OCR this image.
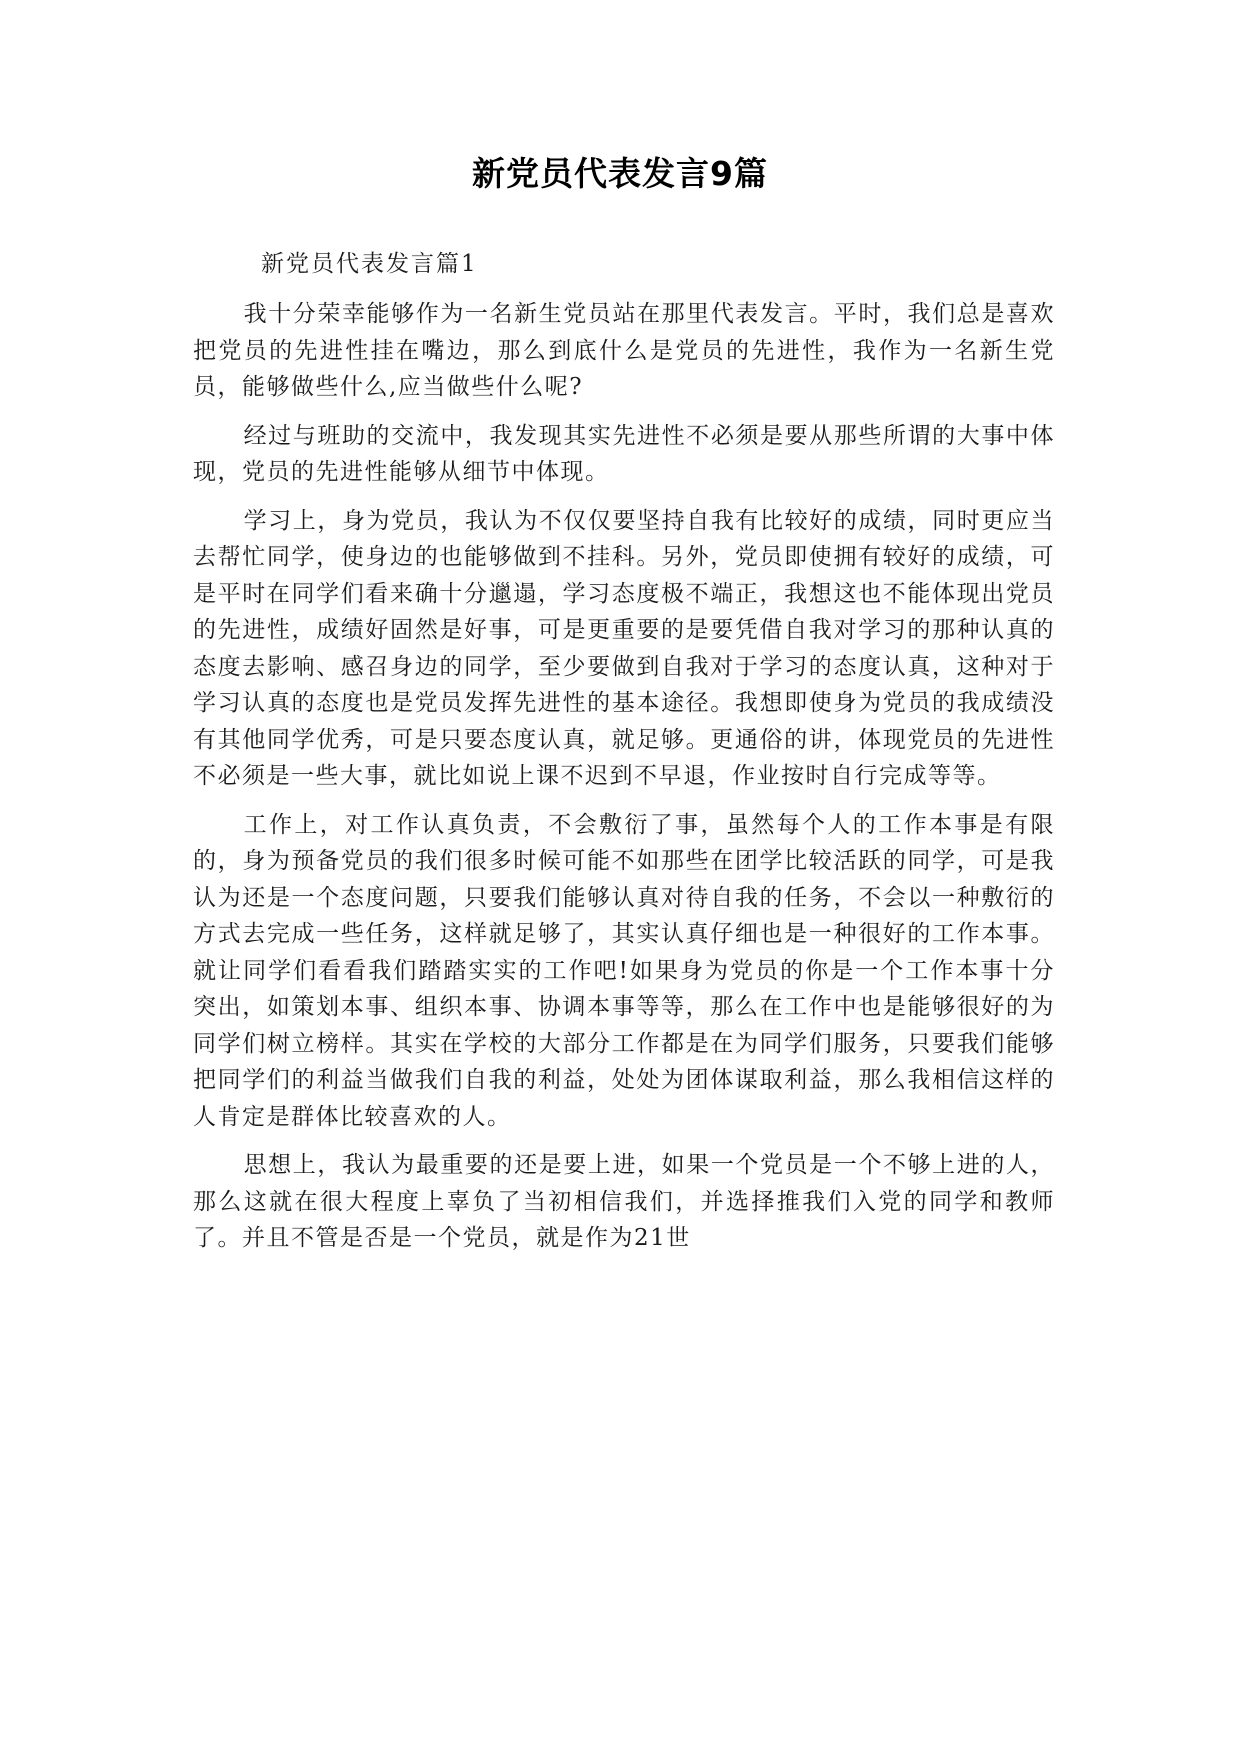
新党员代表发言9篇

新党员代表发言篇1

我十分荣幸能够作为一名新生党员站在那里代表发言。平时，我们总是喜欢把党员的先进性挂在嘴边，那么到底什么是党员的先进性，我作为一名新生党员，能够做些什么,应当做些什么呢?

经过与班助的交流中，我发现其实先进性不必须是要从那些所谓的大事中体现，党员的先进性能够从细节中体现。

学习上，身为党员，我认为不仅仅要坚持自我有比较好的成绩，同时更应当去帮忙同学，使身边的也能够做到不挂科。另外，党员即使拥有较好的成绩，可是平时在同学们看来确十分邋遢，学习态度极不端正，我想这也不能体现出党员的先进性，成绩好固然是好事，可是更重要的是要凭借自我对学习的那种认真的态度去影响、感召身边的同学，至少要做到自我对于学习的态度认真，这种对于学习认真的态度也是党员发挥先进性的基本途径。我想即使身为党员的我成绩没有其他同学优秀，可是只要态度认真，就足够。更通俗的讲，体现党员的先进性不必须是一些大事，就比如说上课不迟到不早退，作业按时自行完成等等。

工作上，对工作认真负责，不会敷衍了事，虽然每个人的工作本事是有限的，身为预备党员的我们很多时候可能不如那些在团学比较活跃的同学，可是我认为还是一个态度问题，只要我们能够认真对待自我的任务，不会以一种敷衍的方式去完成一些任务，这样就足够了，其实认真仔细也是一种很好的工作本事。就让同学们看看我们踏踏实实的工作吧!如果身为党员的你是一个工作本事十分突出，如策划本事、组织本事、协调本事等等，那么在工作中也是能够很好的为同学们树立榜样。其实在学校的大部分工作都是在为同学们服务，只要我们能够把同学们的利益当做我们自我的利益，处处为团体谋取利益，那么我相信这样的人肯定是群体比较喜欢的人。

思想上，我认为最重要的还是要上进，如果一个党员是一个不够上进的人，那么这就在很大程度上辜负了当初相信我们，并选择推我们入党的同学和教师了。并且不管是否是一个党员，就是作为21世
